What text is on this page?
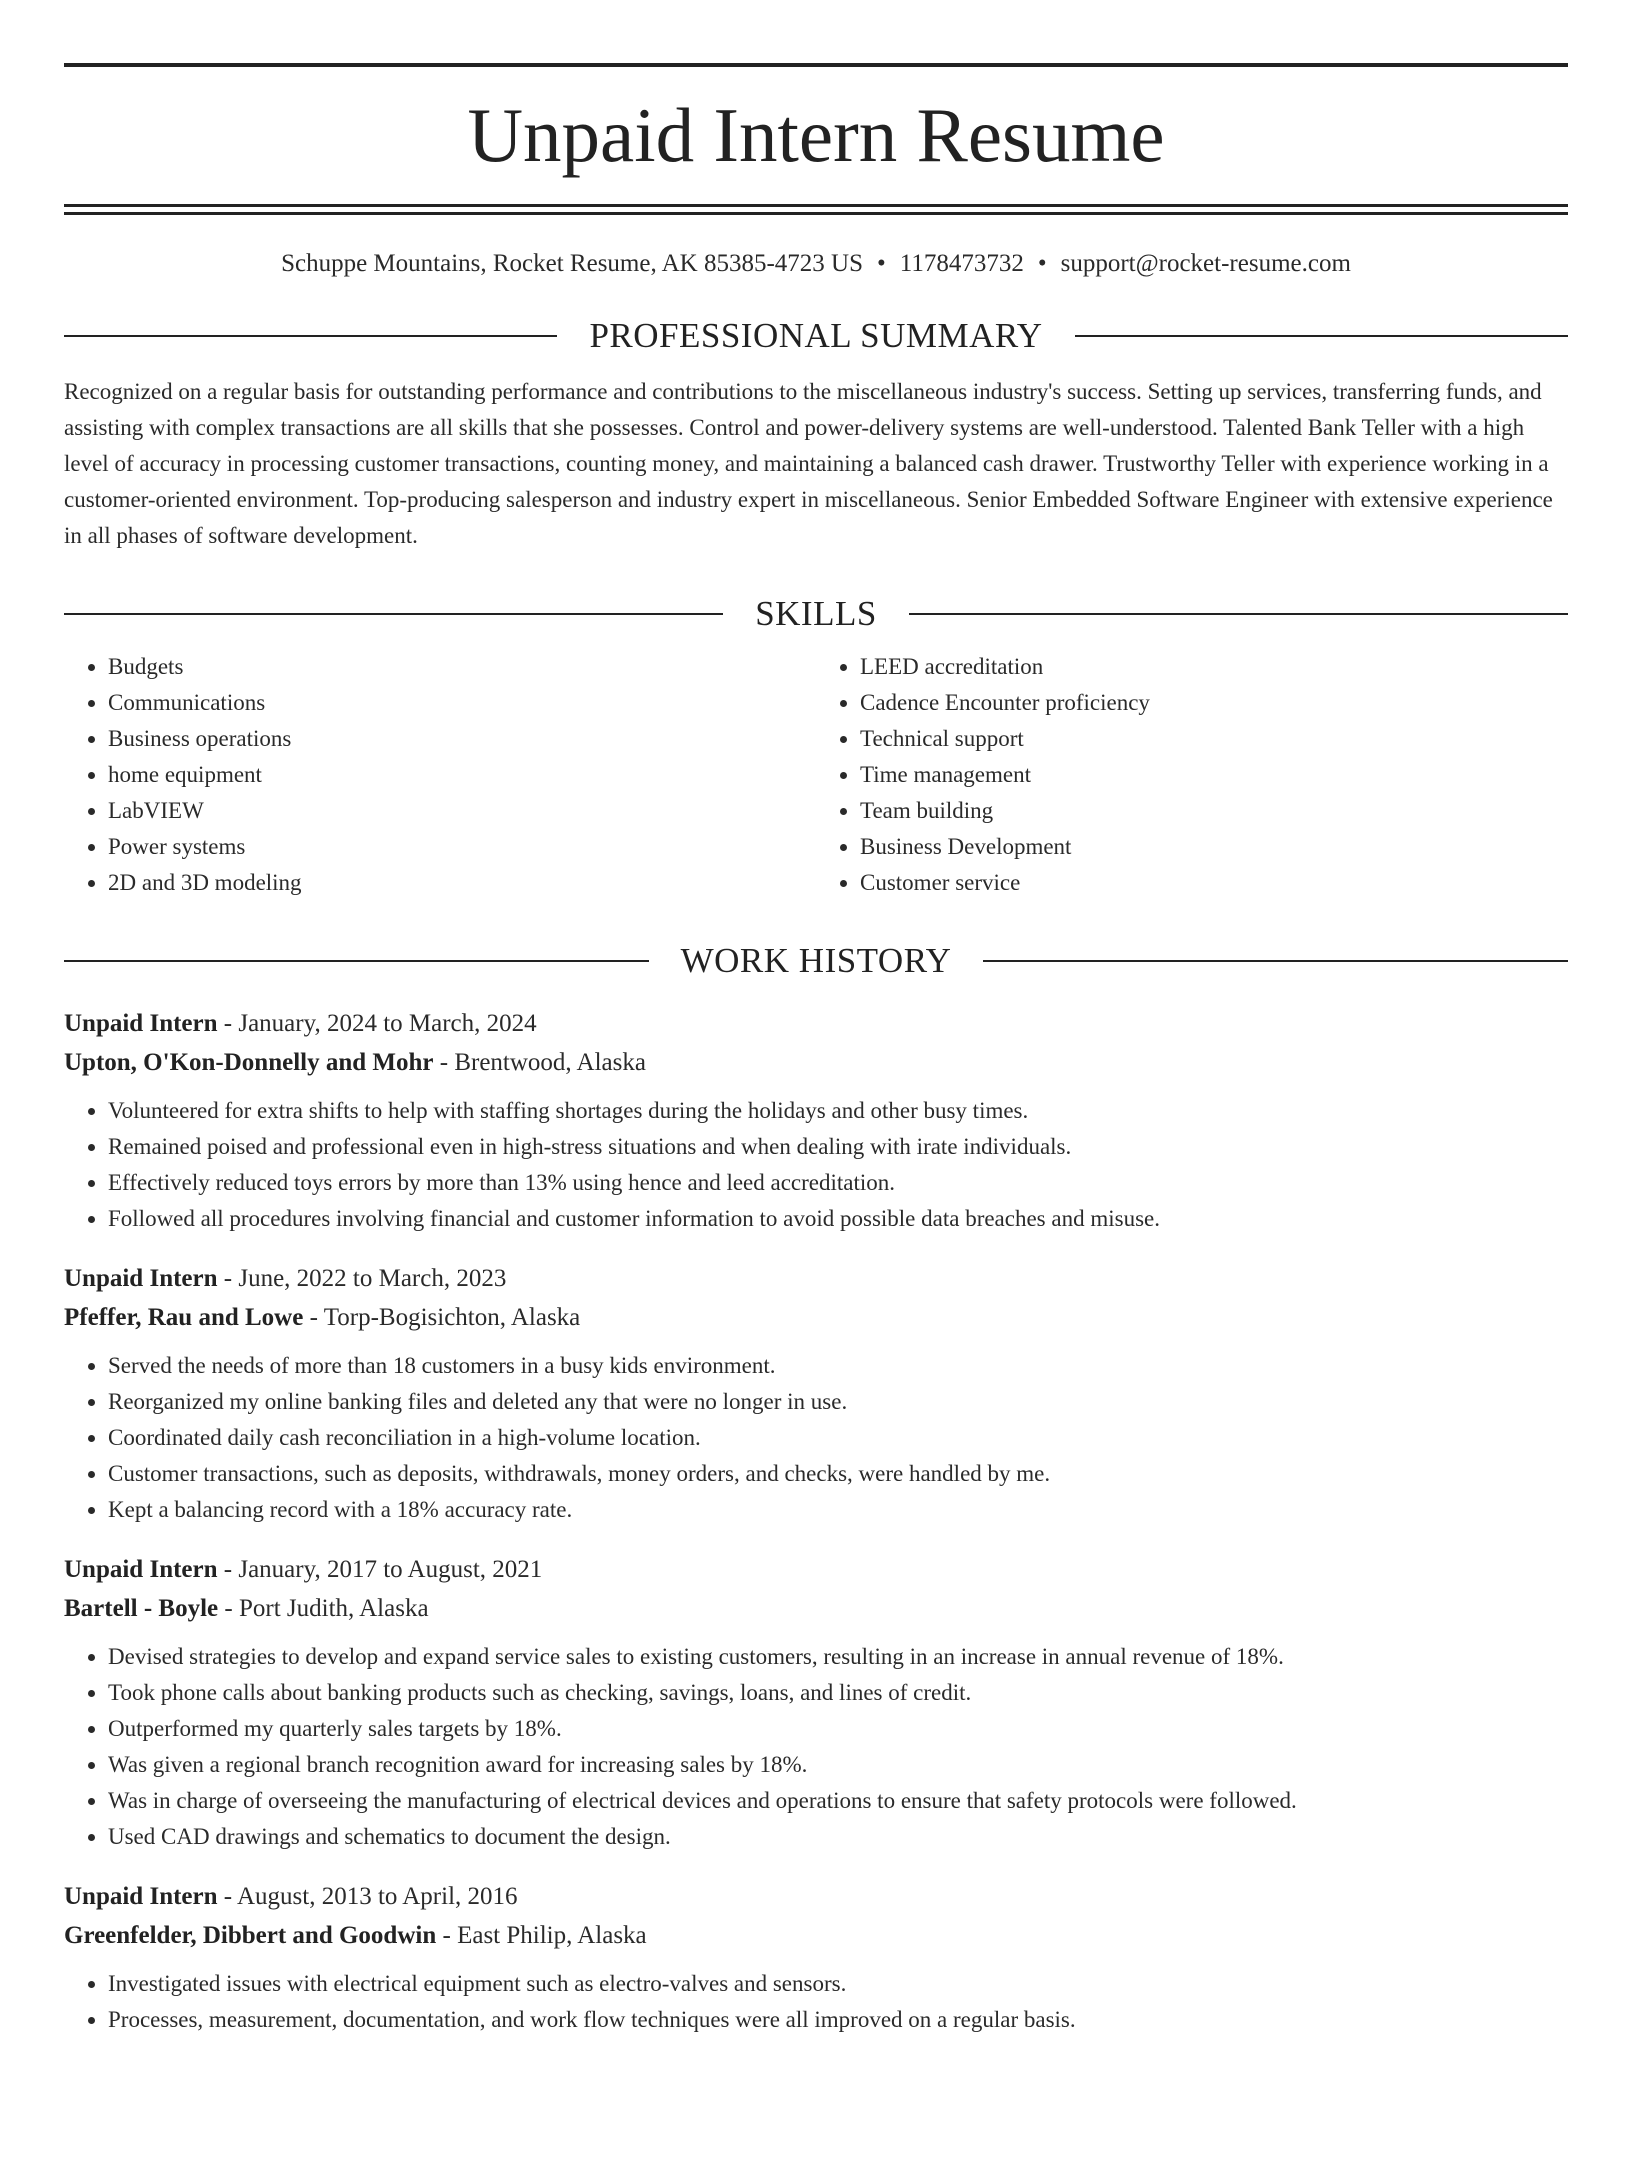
Unpaid Intern Resume
Schuppe Mountains, Rocket Resume, AK 85385-4723 US • 1178473732 • support@rocket-resume.com
PROFESSIONAL SUMMARY
Recognized on a regular basis for outstanding performance and contributions to the miscellaneous industry's success. Setting up services, transferring funds, and assisting with complex transactions are all skills that she possesses. Control and power-delivery systems are well-understood. Talented Bank Teller with a high level of accuracy in processing customer transactions, counting money, and maintaining a balanced cash drawer. Trustworthy Teller with experience working in a customer-oriented environment. Top-producing salesperson and industry expert in miscellaneous. Senior Embedded Software Engineer with extensive experience in all phases of software development.
SKILLS
• Budgets
• Communications
• Business operations
• home equipment
• LabVIEW
• Power systems
• 2D and 3D modeling
• LEED accreditation
• Cadence Encounter proficiency
• Technical support
• Time management
• Team building
• Business Development
• Customer service
WORK HISTORY
Unpaid Intern - January, 2024 to March, 2024
Upton, O'Kon-Donnelly and Mohr - Brentwood, Alaska
• Volunteered for extra shifts to help with staffing shortages during the holidays and other busy times.
• Remained poised and professional even in high-stress situations and when dealing with irate individuals.
• Effectively reduced toys errors by more than 13% using hence and leed accreditation.
• Followed all procedures involving financial and customer information to avoid possible data breaches and misuse.
Unpaid Intern - June, 2022 to March, 2023
Pfeffer, Rau and Lowe - Torp-Bogisichton, Alaska
• Served the needs of more than 18 customers in a busy kids environment.
• Reorganized my online banking files and deleted any that were no longer in use.
• Coordinated daily cash reconciliation in a high-volume location.
• Customer transactions, such as deposits, withdrawals, money orders, and checks, were handled by me.
• Kept a balancing record with a 18% accuracy rate.
Unpaid Intern - January, 2017 to August, 2021
Bartell - Boyle - Port Judith, Alaska
• Devised strategies to develop and expand service sales to existing customers, resulting in an increase in annual revenue of 18%.
• Took phone calls about banking products such as checking, savings, loans, and lines of credit.
• Outperformed my quarterly sales targets by 18%.
• Was given a regional branch recognition award for increasing sales by 18%.
• Was in charge of overseeing the manufacturing of electrical devices and operations to ensure that safety protocols were followed.
• Used CAD drawings and schematics to document the design.
Unpaid Intern - August, 2013 to April, 2016
Greenfelder, Dibbert and Goodwin - East Philip, Alaska
• Investigated issues with electrical equipment such as electro-valves and sensors.
• Processes, measurement, documentation, and work flow techniques were all improved on a regular basis.
